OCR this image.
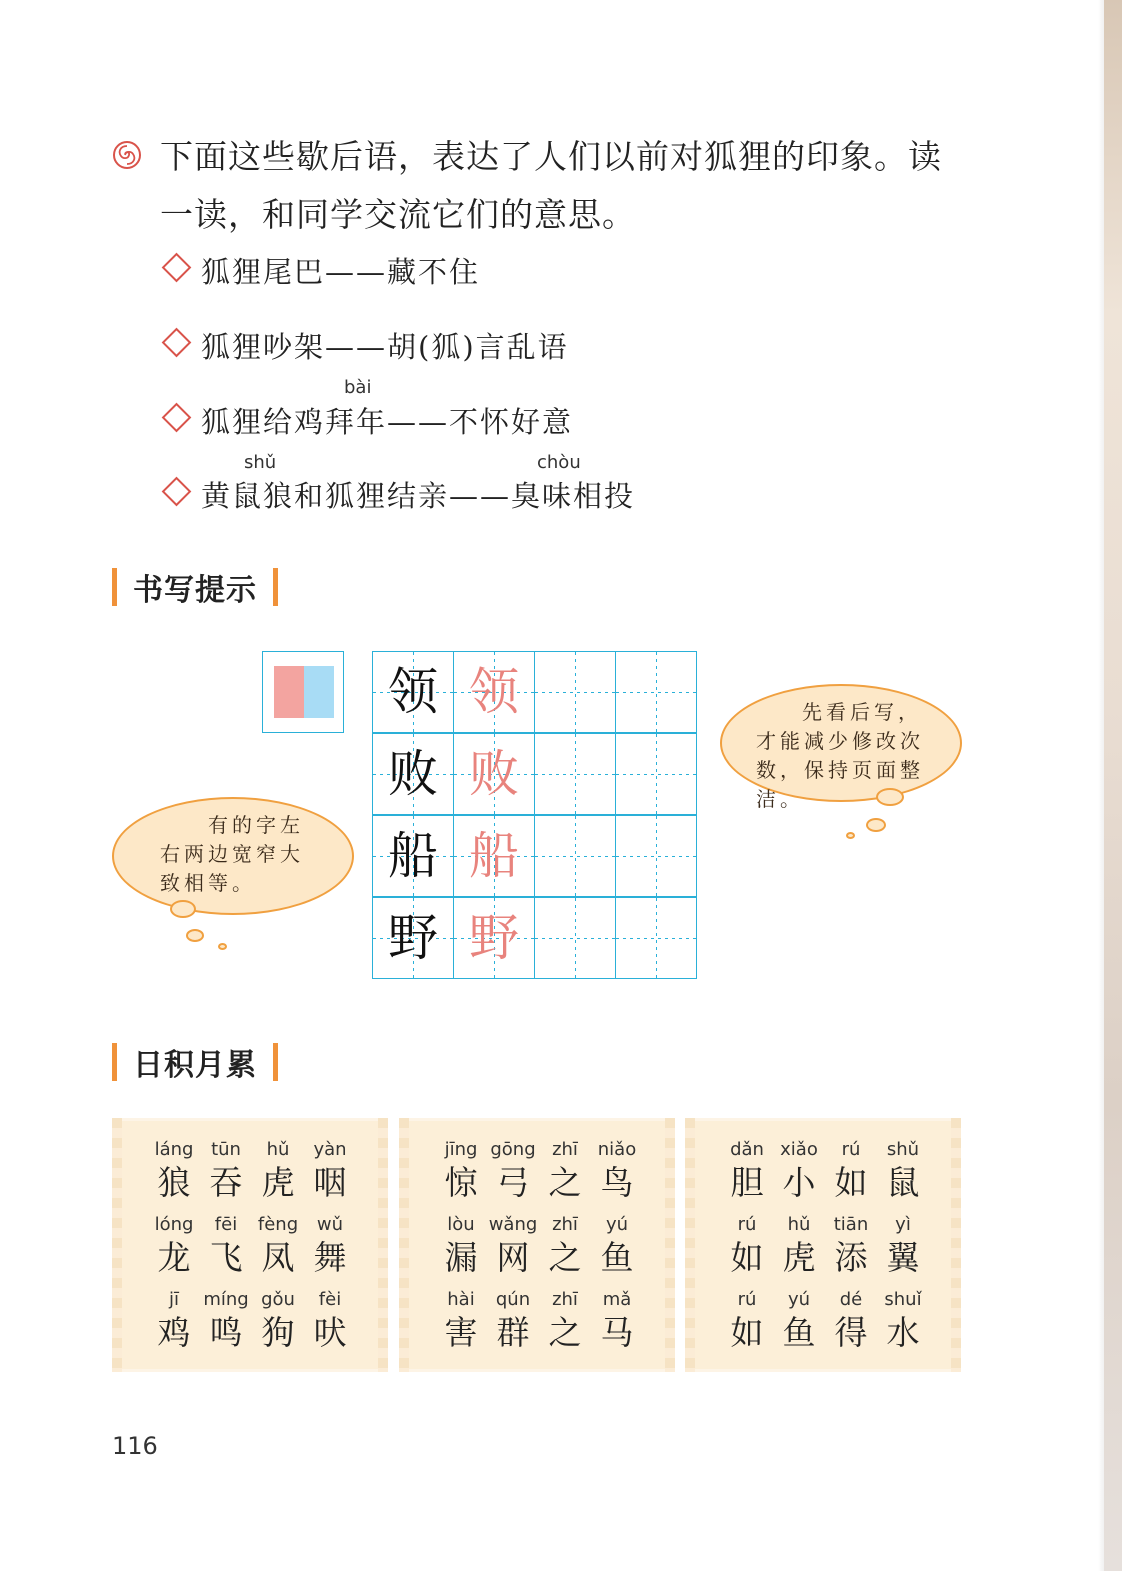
下面这些歇后语，表达了人们以前对狐狸的印象。读一读，和同学交流它们的意思。
狐狸尾巴——藏不住
狐狸吵架——胡(狐)言乱语
bài
狐狸给鸡拜年——不怀好意
shǔ	chòu
黄鼠狼和狐狸结亲——臭味相投
书写提示
领 领
败 败
船 船
野 野
有的字左右两边宽窄大致相等。
先看后写，才能减少修改次数，保持页面整洁。
日积月累
láng
狼
tūn
吞
hǔ
虎
yàn
咽
lóng
龙
fēi
飞
fèng
凤
wǔ
舞
jī
鸡
míng
鸣
gǒu
狗
fèi
吠
jīng
惊
gōng
弓
zhī
之
niǎo
鸟
lòu
漏
wǎng
网
zhī
之
yú
鱼
hài
害
qún
群
zhī
之
mǎ
马
dǎn
胆
xiǎo
小
rú
如
shǔ
鼠
rú
如
hǔ
虎
tiān
添
yì
翼
rú
如
yú
鱼
dé
得
shuǐ
水
116
